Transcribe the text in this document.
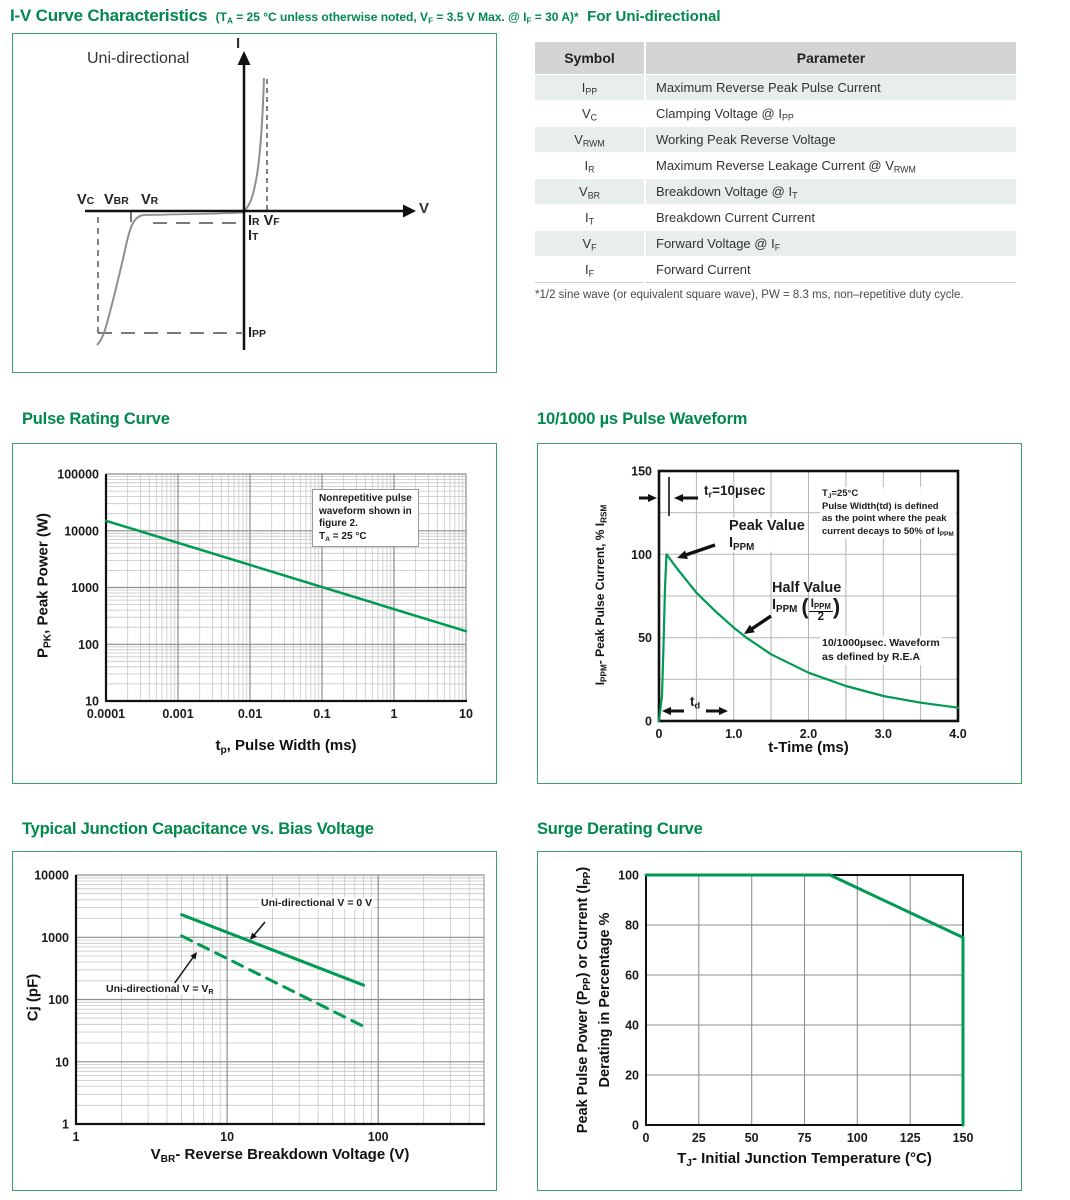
I-V Curve Characteristics ($T_A = 25$ °C unless otherwise noted, $V_F = 3.5$ V Max. @ $I_F = 30$ A)* For Uni-directional
Uni-directional
I
V
VC VBR VR
IR VF
IT
IPP
Symbol	Parameter
$I_{PP}$	Maximum Reverse Peak Pulse Current
$V_C$	Clamping Voltage @ $I_{PP}$
$V_{RWM}$	Working Peak Reverse Voltage
$I_R$	Maximum Reverse Leakage Current @ $V_{RWM}$
$V_{BR}$	Breakdown Voltage @ $I_T$
$I_T$	Breakdown Current Current
$V_F$	Forward Voltage @ $I_F$
$I_F$	Forward Current
*1/2 sine wave (or equivalent square wave), PW = 8.3 ms, non–repetitive duty cycle.
Pulse Rating Curve	10/1000 µs Pulse Waveform
Typical Junction Capacitance vs. Bias Voltage	Surge Derating Curve
0.0001	0.001	0.01	0.1	1	10
10
100
1000
10000
100000
$P_{PK}$, Peak Power (W)
$t_p$, Pulse Width (ms)
Nonrepetitive pulse
waveform shown in
figure 2.
$T_A = 25$ °C
0	1.0	2.0	3.0	4.0
0
50
100
150
$I_{PPM}-$ Peak Pulse Current, % $I_{RSM}$
t-Time (ms)
$t_r=10\mu\sec$
Peak Value
$I_{PPM}$
Half Value
$I_{PPM}$ ( $\frac{I_{PPM}}{2}$ )
$T_J=25^\circ C$
Pulse Width(td) is defined
as the point where the peak
current decays to 50% of $I_{PPM}$
10/1000µsec. Waveform
as defined by R.E.A
$t_d$
1	10	100
1
10
100
1000
10000
Cj (pF)
$V_{BR}-$ Reverse Breakdown Voltage (V)
Uni-directional V = 0 V
Uni-directional $V = V_R$
0	25	50	75	100	125	150
0
20
40
60
80
100
Peak Pulse Power $(P_{PP})$ or Current $(I_{PP})$
Derating in Percentage %
$T_J-$ Initial Junction Temperature (°C)
